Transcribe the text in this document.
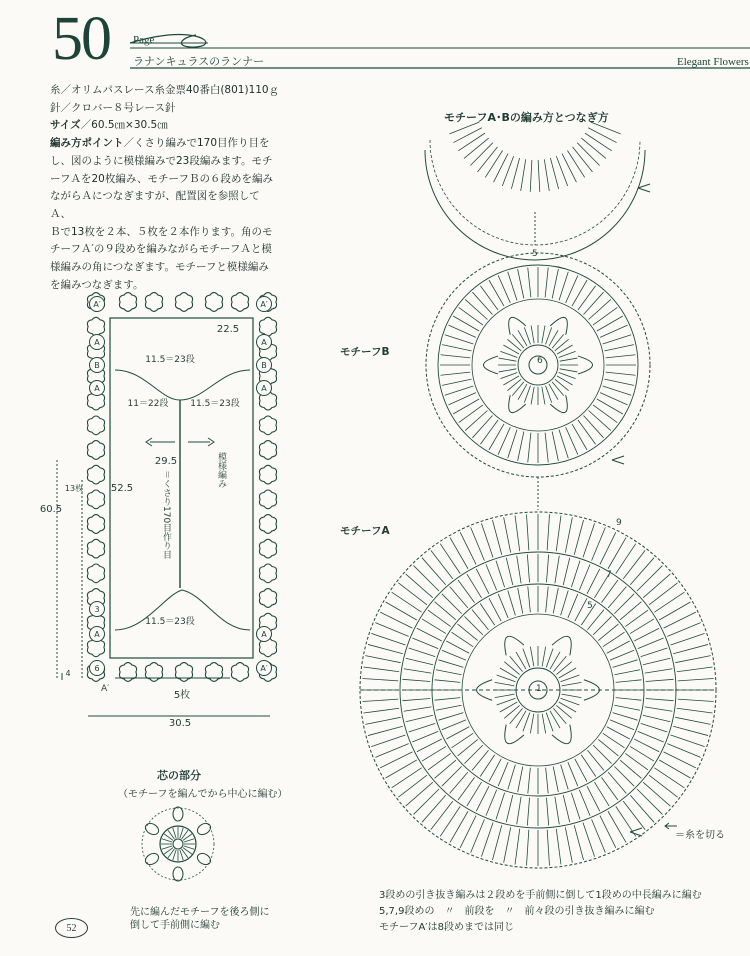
50 Page
ラナンキュラスのランナー	Elegant Flowers

糸／オリムパスレース糸金票40番白(801)110ｇ

針／クロバー８号レース針

サイズ／60.5㎝×30.5㎝

編み方ポイント／くさり編みで170目作り目を

し、図のように模様編みで23段編みます。モチ

ーフＡを20枚編み、モチーフＢの６段めを編み

ながらＡにつなぎますが、配置図を参照してＡ、

Ｂで13枚を２本、５枚を２本作ります。角のモ

チーフＡ′の９段めを編みながらモチーフＡと模

様編みの角につなぎます。モチーフと模様編み

を編みつなぎます。

22.5
11.5＝23段
11＝22段 11.5＝23段
29.5
52.5
60.5
13枚
11.5＝23段
5枚
30.5
4
＝くさり170目作り目	模様編み
A′	A′
A
B
A
A
B
A
3
A
6
A
A′
A′
芯の部分
（モチーフを編んでから中心に編む）
先に編んだモチーフを後ろ側に
倒して手前側に編む
モチーフA･Bの編み方とつなぎ方
モチーフB
モチーフA
＝糸を切る
5
9
7
5
1
6
3段めの引き抜き編みは２段めを手前側に倒して1段めの中長編みに編む
5,7,9段めの　〃　前段を　〃　前々段の引き抜き編みに編む
モチーフA′は8段めまでは同じ
52
